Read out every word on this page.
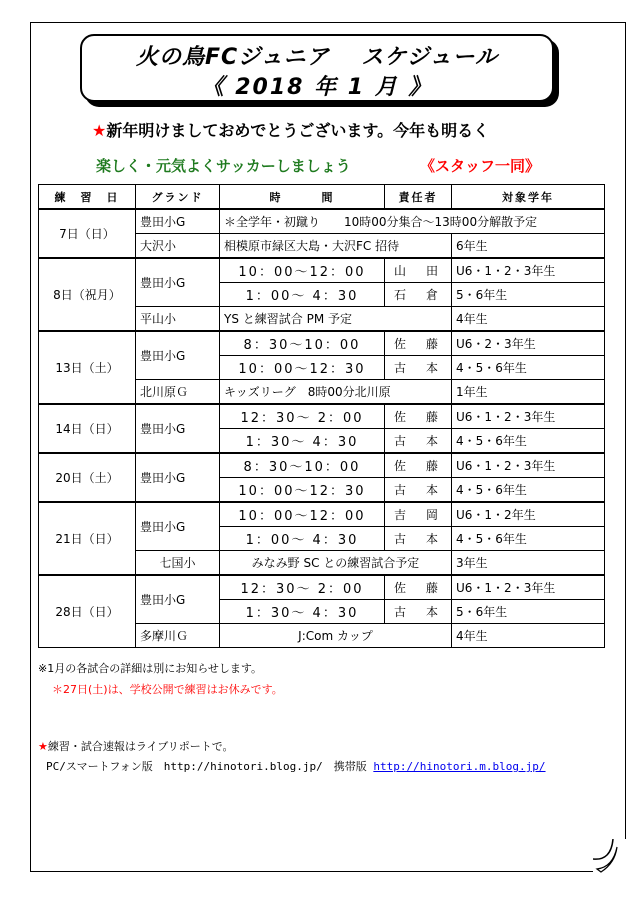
火の鳥FCジュニア　 スケジュール
《 2018 年 1 月 》
★新年明けましておめでとうございます。今年も明るく
楽しく・元気よくサッカーしましょう	《スタッフ一同》
練　習　日	グランド	時　　　間	責任者	対象学年
7日（日）	豊田小G	＊全学年・初蹴り　　10時00分集合～13時00分解散予定		
	大沢小	相模原市緑区大島・大沢FC 招待		6年生
8日（祝月）	豊田小G	10：00～12：00	山　田	U6・1・2・3年生
		1：00～ 4：30	石　倉	5・6年生
	平山小	YS と練習試合 PM 予定		4年生
13日（土）	豊田小G	8：30～10：00	佐　藤	U6・2・3年生
		10：00～12：30	古　本	4・5・6年生
	北川原Ｇ	キッズリーグ　8時00分北川原		1年生
14日（日）	豊田小G	12：30～ 2：00	佐　藤	U6・1・2・3年生
		1：30～ 4：30	古　本	4・5・6年生
20日（土）	豊田小G	8：30～10：00	佐　藤	U6・1・2・3年生
		10：00～12：30	古　本	4・5・6年生
21日（日）	豊田小G	10：00～12：00	吉　岡	U6・1・2年生
		1：00～ 4：30	古　本	4・5・6年生
	七国小	みなみ野 SC との練習試合予定		3年生
28日（日）	豊田小G	12：30～ 2：00	佐　藤	U6・1・2・3年生
		1：30～ 4：30	古　本	5・6年生
	多摩川Ｇ	J:Com カップ		4年生
※1月の各試合の詳細は別にお知らせします。
＊27日(土)は、学校公開で練習はお休みです。
★練習・試合速報はライブリポートで。
PC/スマートフォン版　http://hinotori.blog.jp/　携帯版 http://hinotori.m.blog.jp/
